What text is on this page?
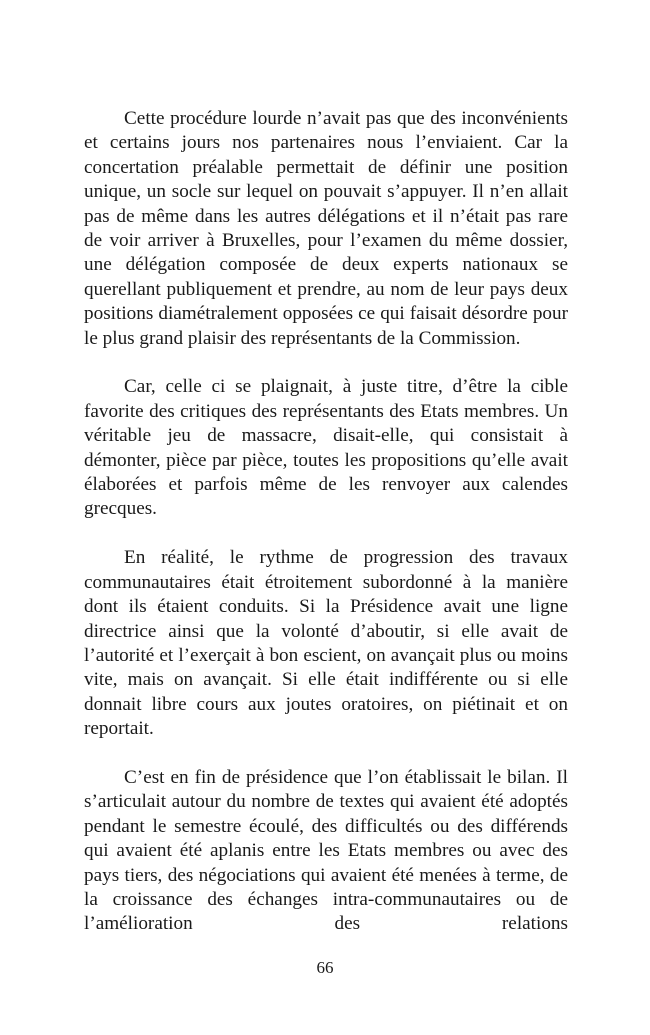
Cette procédure lourde n’avait pas que des inconvénients et certains jours nos partenaires nous l’enviaient. Car la concertation préalable permettait de définir une position unique, un socle sur lequel on pouvait s’appuyer. Il n’en allait pas de même dans les autres délégations et il n’était pas rare de voir arriver à Bruxelles, pour l’examen du même dossier, une délégation composée de deux experts nationaux se querellant publiquement et prendre, au nom de leur pays deux positions diamétralement opposées ce qui faisait désordre pour le plus grand plaisir des représentants de la Commission.

Car, celle ci se plaignait, à juste titre, d’être la cible favorite des critiques des représentants des Etats membres. Un véritable jeu de massacre, disait-elle, qui consistait à démonter, pièce par pièce, toutes les propositions qu’elle avait élaborées et parfois même de les renvoyer aux calendes grecques.

En réalité, le rythme de progression des travaux communautaires était étroitement subordonné à la manière dont ils étaient conduits. Si la Présidence avait une ligne directrice ainsi que la volonté d’aboutir, si elle avait de l’autorité et l’exerçait à bon escient, on avançait plus ou moins vite, mais on avançait. Si elle était indifférente ou si elle donnait libre cours aux joutes oratoires, on piétinait et on reportait.

C’est en fin de présidence que l’on établissait le bilan. Il s’articulait autour du nombre de textes qui avaient été adoptés pendant le semestre écoulé, des difficultés ou des différends qui avaient été aplanis entre les Etats membres ou avec des pays tiers, des négociations qui avaient été menées à terme, de la croissance des échanges intra-communautaires ou de l’amélioration des relations

66
